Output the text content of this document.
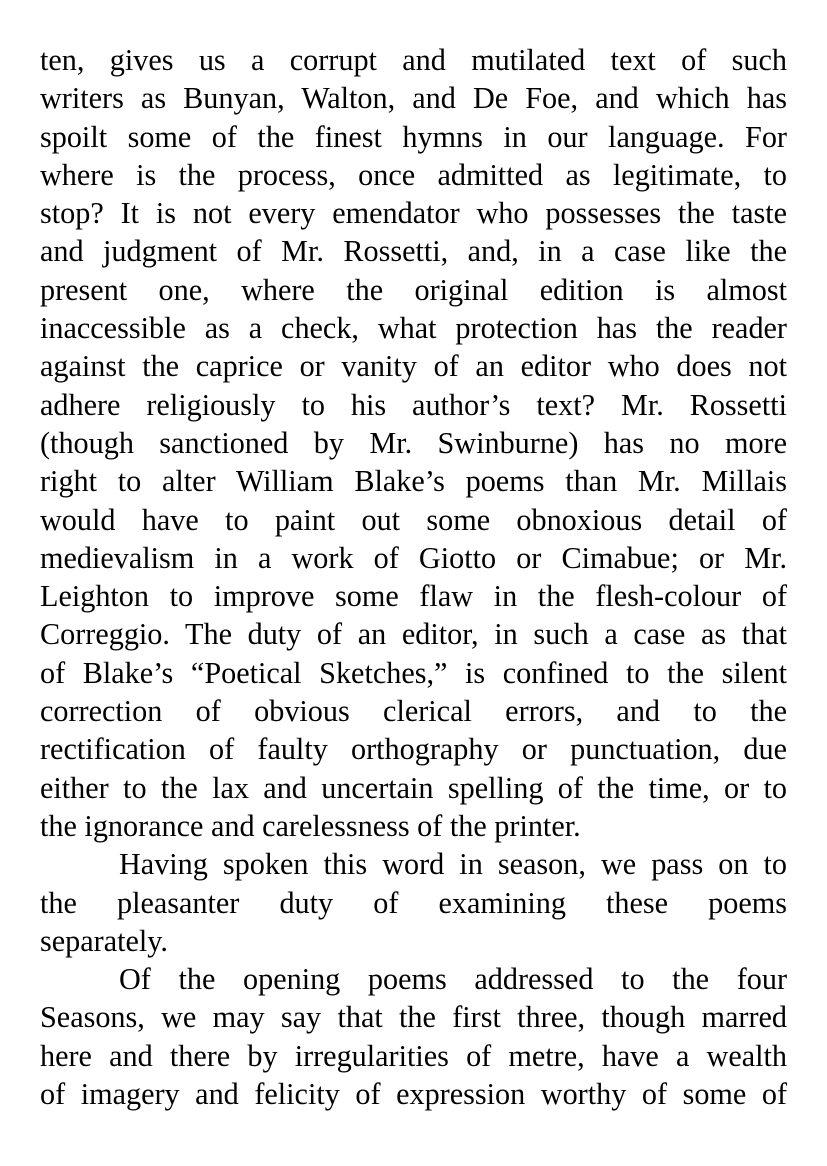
ten, gives us a corrupt and mutilated text of such
writers as Bunyan, Walton, and De Foe, and which has
spoilt some of the finest hymns in our language. For
where is the process, once admitted as legitimate, to
stop? It is not every emendator who possesses the taste
and judgment of Mr. Rossetti, and, in a case like the
present one, where the original edition is almost
inaccessible as a check, what protection has the reader
against the caprice or vanity of an editor who does not
adhere religiously to his author’s text? Mr. Rossetti
(though sanctioned by Mr. Swinburne) has no more
right to alter William Blake’s poems than Mr. Millais
would have to paint out some obnoxious detail of
medievalism in a work of Giotto or Cimabue; or Mr.
Leighton to improve some flaw in the flesh-colour of
Correggio. The duty of an editor, in such a case as that
of Blake’s “Poetical Sketches,” is confined to the silent
correction of obvious clerical errors, and to the
rectification of faulty orthography or punctuation, due
either to the lax and uncertain spelling of the time, or to
the ignorance and carelessness of the printer.
Having spoken this word in season, we pass on to
the pleasanter duty of examining these poems
separately.
Of the opening poems addressed to the four
Seasons, we may say that the first three, though marred
here and there by irregularities of metre, have a wealth
of imagery and felicity of expression worthy of some of
